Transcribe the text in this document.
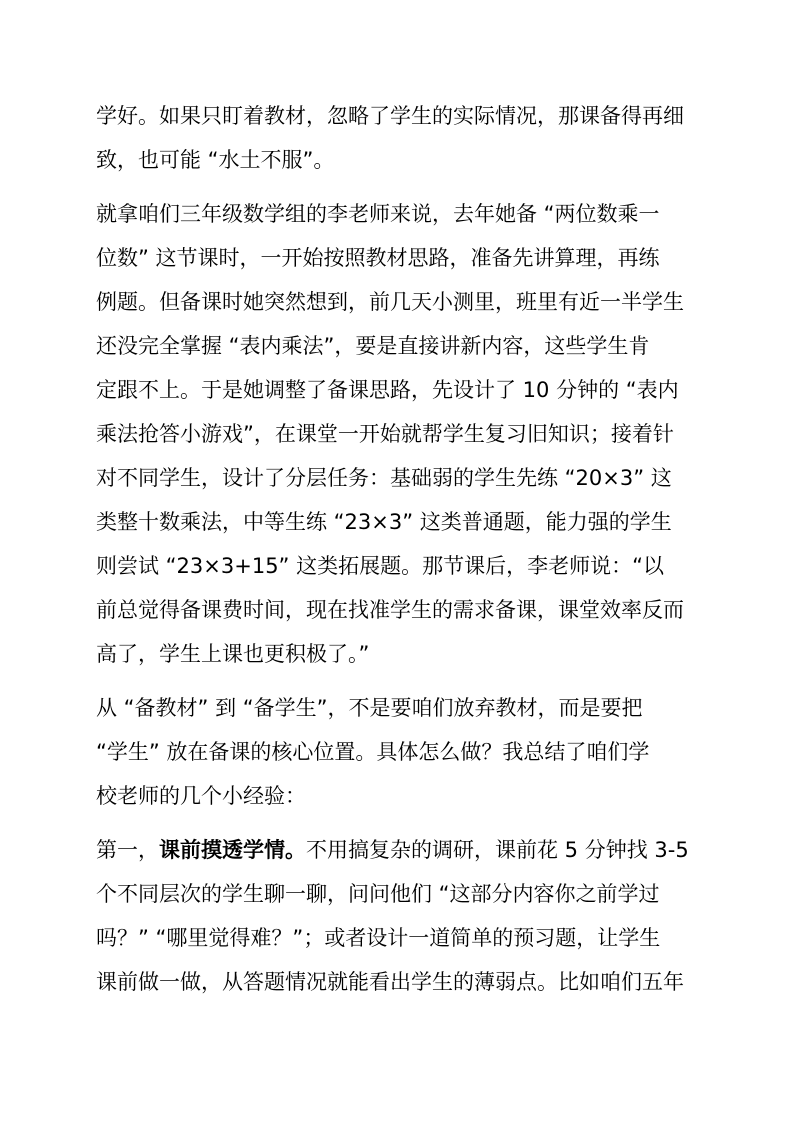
学好。如果只盯着教材，忽略了学生的实际情况，那课备得再细
致，也可能 “水土不服”。

就拿咱们三年级数学组的李老师来说，去年她备 “两位数乘一
位数” 这节课时，一开始按照教材思路，准备先讲算理，再练
例题。但备课时她突然想到，前几天小测里，班里有近一半学生
还没完全掌握 “表内乘法”，要是直接讲新内容，这些学生肯
定跟不上。于是她调整了备课思路，先设计了 10 分钟的 “表内
乘法抢答小游戏”，在课堂一开始就帮学生复习旧知识；接着针
对不同学生，设计了分层任务：基础弱的学生先练 “20×3” 这
类整十数乘法，中等生练 “23×3” 这类普通题，能力强的学生
则尝试 “23×3+15” 这类拓展题。那节课后，李老师说：“以
前总觉得备课费时间，现在找准学生的需求备课，课堂效率反而
高了，学生上课也更积极了。”

从 “备教材” 到 “备学生”，不是要咱们放弃教材，而是要把
“学生” 放在备课的核心位置。具体怎么做？我总结了咱们学
校老师的几个小经验：

第一，课前摸透学情。不用搞复杂的调研，课前花 5 分钟找 3-5
个不同层次的学生聊一聊，问问他们 “这部分内容你之前学过
吗？” “哪里觉得难？”；或者设计一道简单的预习题，让学生
课前做一做，从答题情况就能看出学生的薄弱点。比如咱们五年
